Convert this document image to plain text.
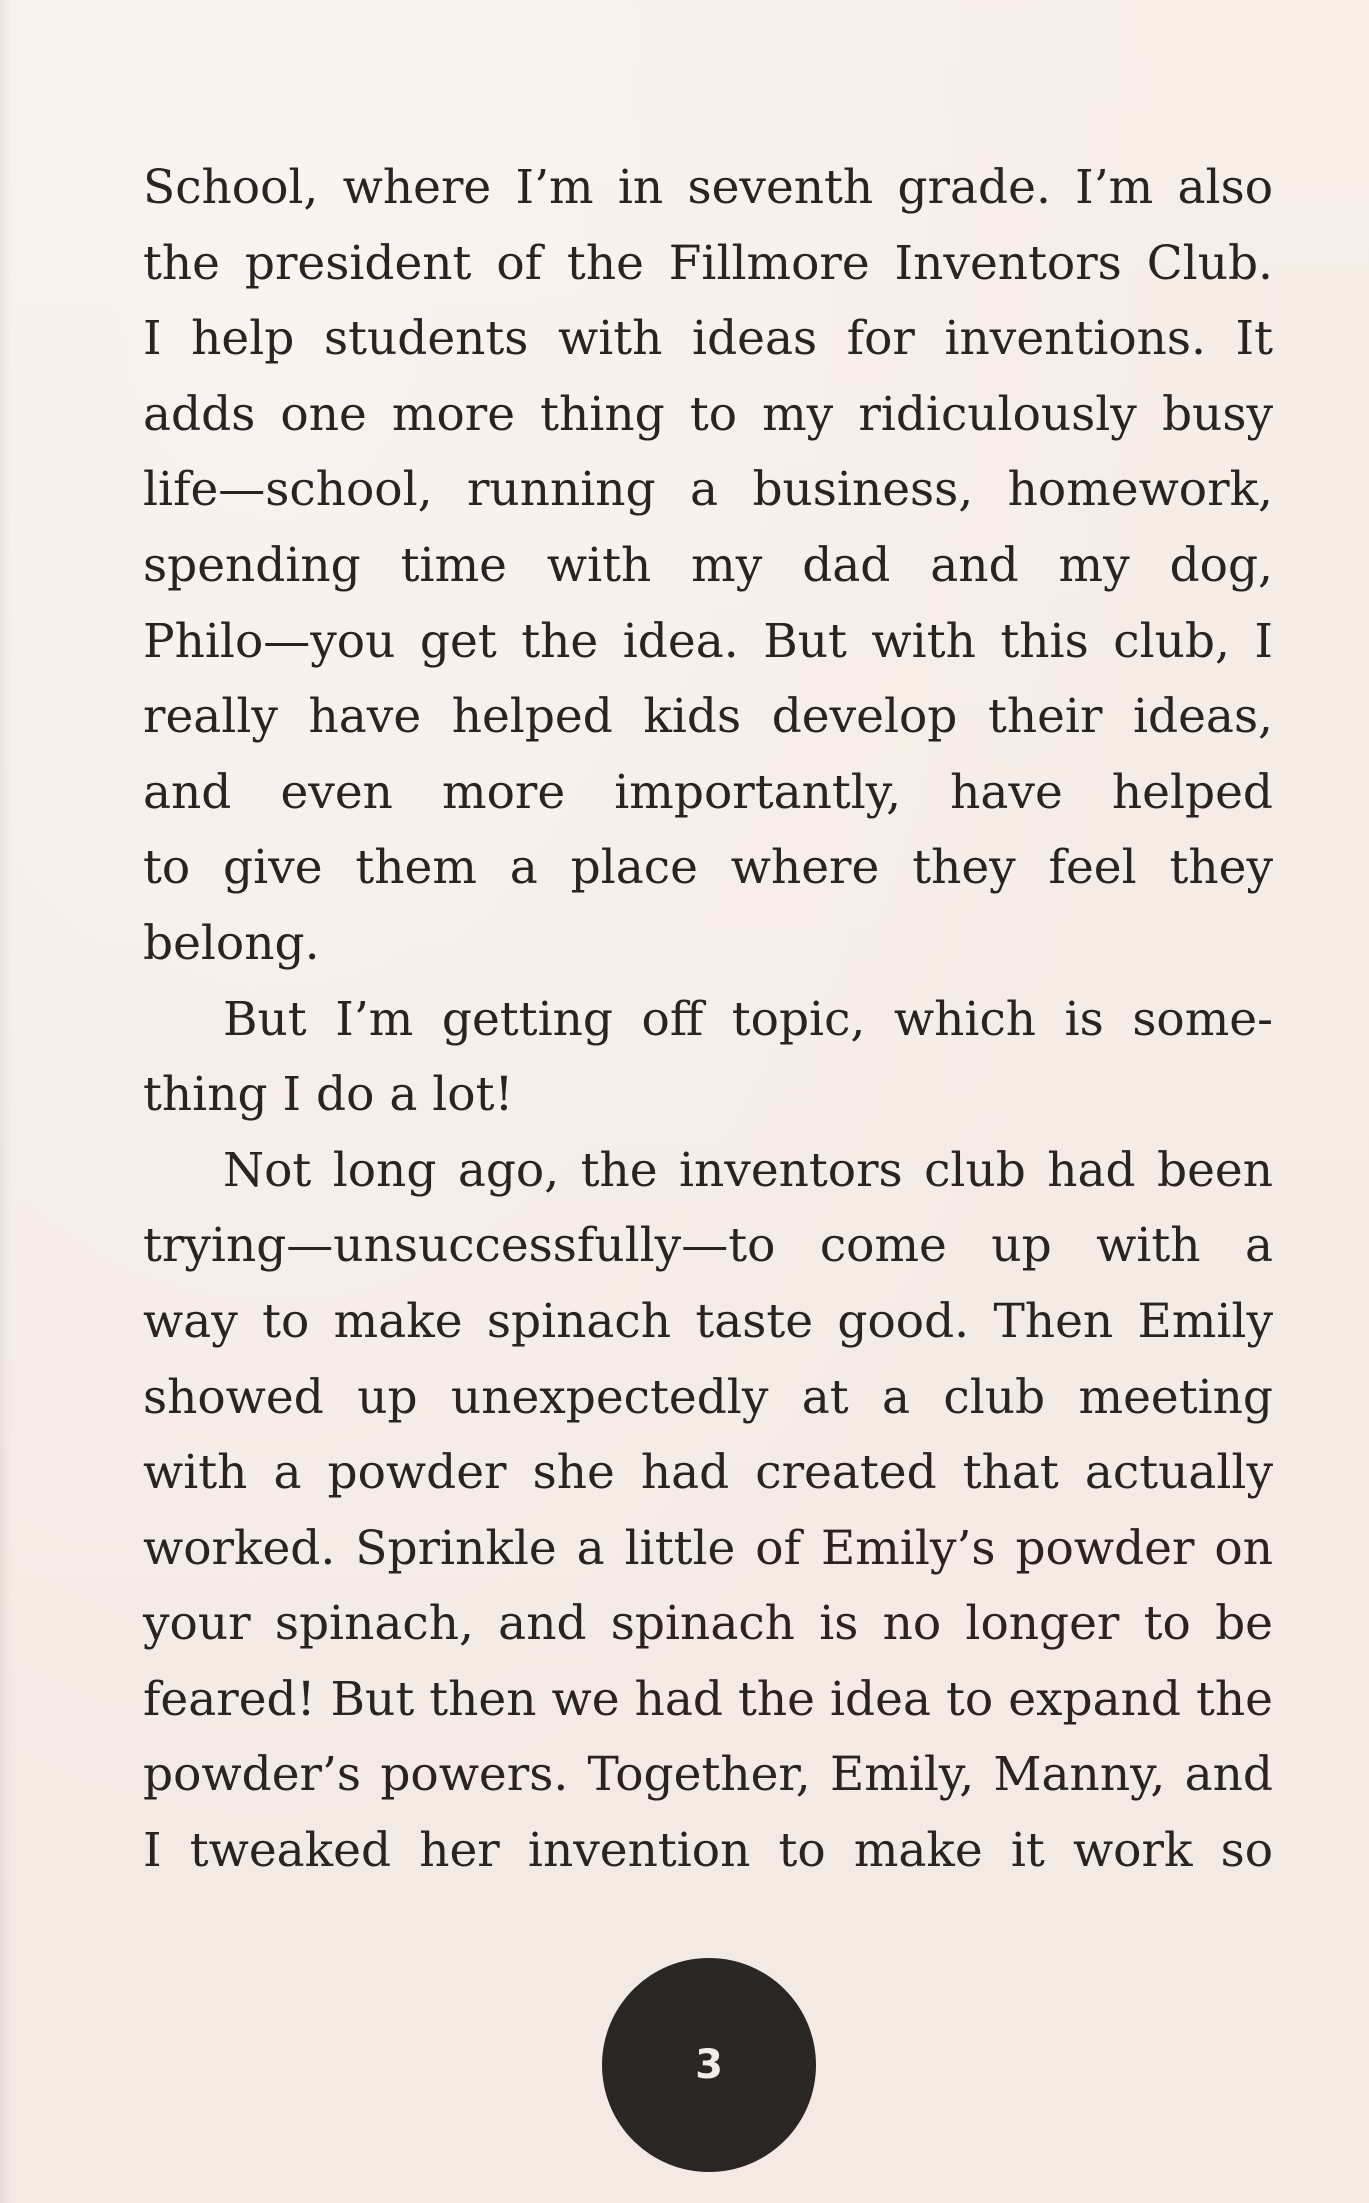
School, where I’m in seventh grade. I’m also
the president of the Fillmore Inventors Club.
I help students with ideas for inventions. It
adds one more thing to my ridiculously busy
life—school, running a business, homework,
spending time with my dad and my dog,
Philo—you get the idea. But with this club, I
really have helped kids develop their ideas,
and even more importantly, have helped
to give them a place where they feel they
belong.
But I’m getting off topic, which is some-
thing I do a lot!
Not long ago, the inventors club had been
trying—unsuccessfully—to come up with a
way to make spinach taste good. Then Emily
showed up unexpectedly at a club meeting
with a powder she had created that actually
worked. Sprinkle a little of Emily’s powder on
your spinach, and spinach is no longer to be
feared! But then we had the idea to expand the
powder’s powers. Together, Emily, Manny, and
I tweaked her invention to make it work so
3
